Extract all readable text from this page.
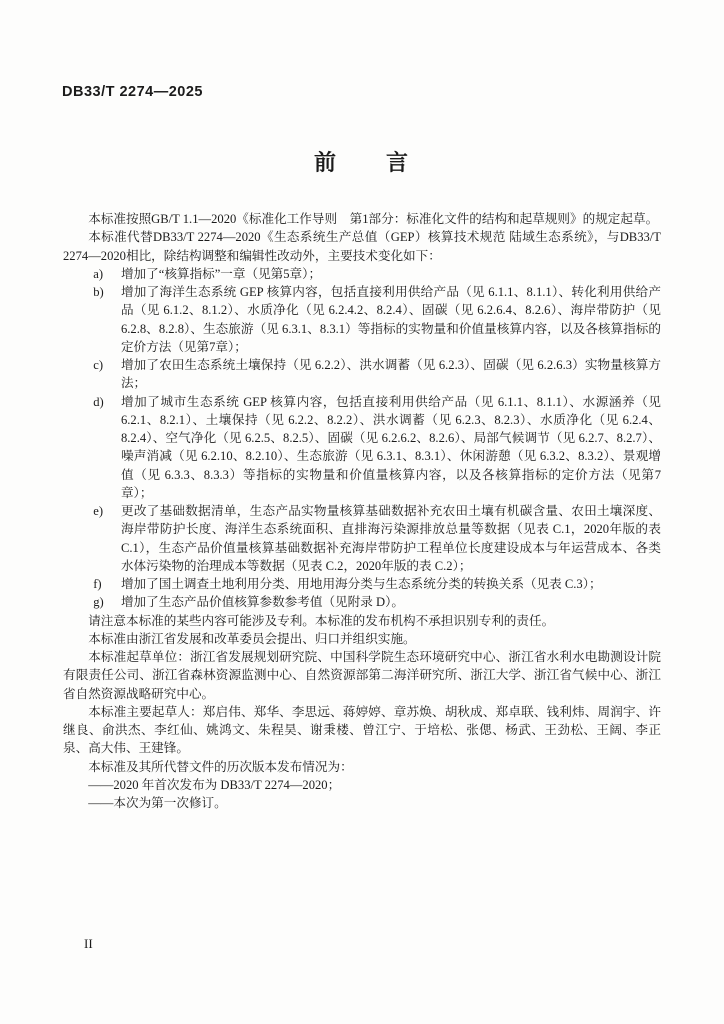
DB33/T 2274—2025
前　　言

本标准按照GB/T 1.1—2020《标准化工作导则　第1部分：标准化文件的结构和起草规则》的规定起草。

本标准代替DB33/T 2274—2020《生态系统生产总值（GEP）核算技术规范 陆域生态系统》，与DB33/T 2274—2020相比，除结构调整和编辑性改动外，主要技术变化如下：

a)	增加了“核算指标”一章（见第5章）；
b)	增加了海洋生态系统 GEP 核算内容，包括直接利用供给产品（见 6.1.1、8.1.1）、转化利用供给产品（见 6.1.2、8.1.2）、水质净化（见 6.2.4.2、8.2.4）、固碳（见 6.2.6.4、8.2.6）、海岸带防护（见 6.2.8、8.2.8）、生态旅游（见 6.3.1、8.3.1）等指标的实物量和价值量核算内容，以及各核算指标的定价方法（见第7章）；
c)	增加了农田生态系统土壤保持（见 6.2.2）、洪水调蓄（见 6.2.3）、固碳（见 6.2.6.3）实物量核算方法；
d)	增加了城市生态系统 GEP 核算内容，包括直接利用供给产品（见 6.1.1、8.1.1）、水源涵养（见 6.2.1、8.2.1）、土壤保持（见 6.2.2、8.2.2）、洪水调蓄（见 6.2.3、8.2.3）、水质净化（见 6.2.4、8.2.4）、空气净化（见 6.2.5、8.2.5）、固碳（见 6.2.6.2、8.2.6）、局部气候调节（见 6.2.7、8.2.7）、噪声消减（见 6.2.10、8.2.10）、生态旅游（见 6.3.1、8.3.1）、休闲游憩（见 6.3.2、8.3.2）、景观增值（见 6.3.3、8.3.3）等指标的实物量和价值量核算内容，以及各核算指标的定价方法（见第7章）；
e)	更改了基础数据清单，生态产品实物量核算基础数据补充农田土壤有机碳含量、农田土壤深度、海岸带防护长度、海洋生态系统面积、直排海污染源排放总量等数据（见表 C.1，2020年版的表 C.1），生态产品价值量核算基础数据补充海岸带防护工程单位长度建设成本与年运营成本、各类水体污染物的治理成本等数据（见表 C.2，2020年版的表 C.2）；
f)	增加了国土调查土地利用分类、用地用海分类与生态系统分类的转换关系（见表 C.3）；
g)	增加了生态产品价值核算参数参考值（见附录 D）。

请注意本标准的某些内容可能涉及专利。本标准的发布机构不承担识别专利的责任。

本标准由浙江省发展和改革委员会提出、归口并组织实施。

本标准起草单位：浙江省发展规划研究院、中国科学院生态环境研究中心、浙江省水利水电勘测设计院有限责任公司、浙江省森林资源监测中心、自然资源部第二海洋研究所、浙江大学、浙江省气候中心、浙江省自然资源战略研究中心。

本标准主要起草人：郑启伟、郑华、李思远、蒋婷婷、章苏焕、胡秋成、郑卓联、钱利炜、周润宇、许继良、俞洪杰、李红仙、姚鸿文、朱程昊、谢秉楼、曾江宁、于培松、张偲、杨武、王劲松、王阔、李正泉、高大伟、王建锋。

本标准及其所代替文件的历次版本发布情况为：

——2020 年首次发布为 DB33/T 2274—2020；
——本次为第一次修订。
II
